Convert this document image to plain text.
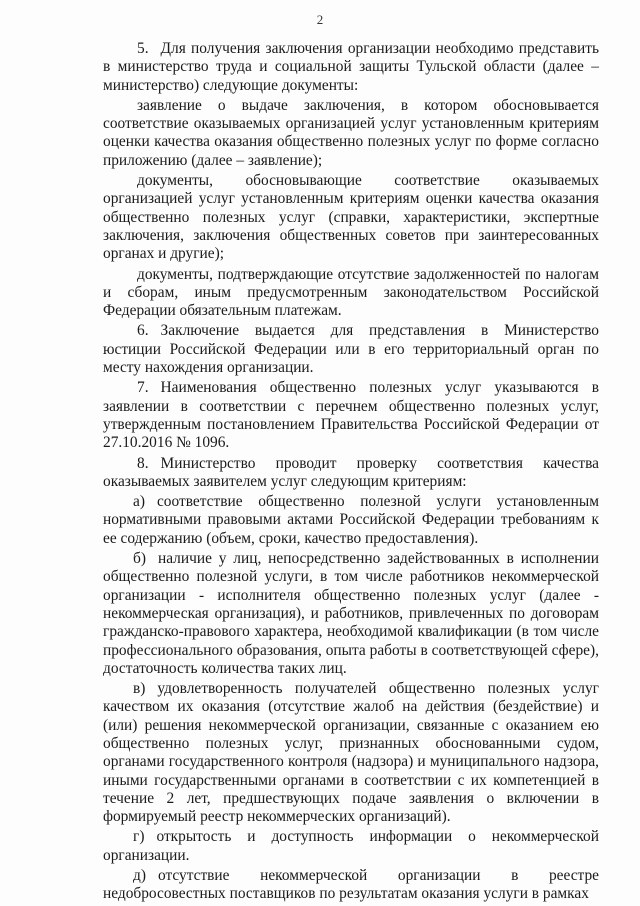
2

5. Для получения заключения организации необходимо представить в министерство труда и социальной защиты Тульской области (далее – министерство) следующие документы:

заявление о выдаче заключения, в котором обосновывается соответствие оказываемых организацией услуг установленным критериям оценки качества оказания общественно полезных услуг по форме согласно приложению (далее – заявление);

документы, обосновывающие соответствие оказываемых организацией услуг установленным критериям оценки качества оказания общественно полезных услуг (справки, характеристики, экспертные заключения, заключения общественных советов при заинтересованных органах и другие);

документы, подтверждающие отсутствие задолженностей по налогам и сборам, иным предусмотренным законодательством Российской Федерации обязательным платежам.

6. Заключение выдается для представления в Министерство юстиции Российской Федерации или в его территориальный орган по месту нахождения организации.

7. Наименования общественно полезных услуг указываются в заявлении в соответствии с перечнем общественно полезных услуг, утвержденным постановлением Правительства Российской Федерации от 27.10.2016 № 1096.

8. Министерство проводит проверку соответствия качества оказываемых заявителем услуг следующим критериям:

а) соответствие общественно полезной услуги установленным нормативными правовыми актами Российской Федерации требованиям к ее содержанию (объем, сроки, качество предоставления).

б) наличие у лиц, непосредственно задействованных в исполнении общественно полезной услуги, в том числе работников некоммерческой организации - исполнителя общественно полезных услуг (далее - некоммерческая организация), и работников, привлеченных по договорам гражданско-правового характера, необходимой квалификации (в том числе профессионального образования, опыта работы в соответствующей сфере), достаточность количества таких лиц.

в) удовлетворенность получателей общественно полезных услуг качеством их оказания (отсутствие жалоб на действия (бездействие) и (или) решения некоммерческой организации, связанные с оказанием ею общественно полезных услуг, признанных обоснованными судом, органами государственного контроля (надзора) и муниципального надзора, иными государственными органами в соответствии с их компетенцией в течение 2 лет, предшествующих подаче заявления о включении в формируемый реестр некоммерческих организаций).

г) открытость и доступность информации о некоммерческой организации.

д) отсутствие некоммерческой организации в реестре недобросовестных поставщиков по результатам оказания услуги в рамках
